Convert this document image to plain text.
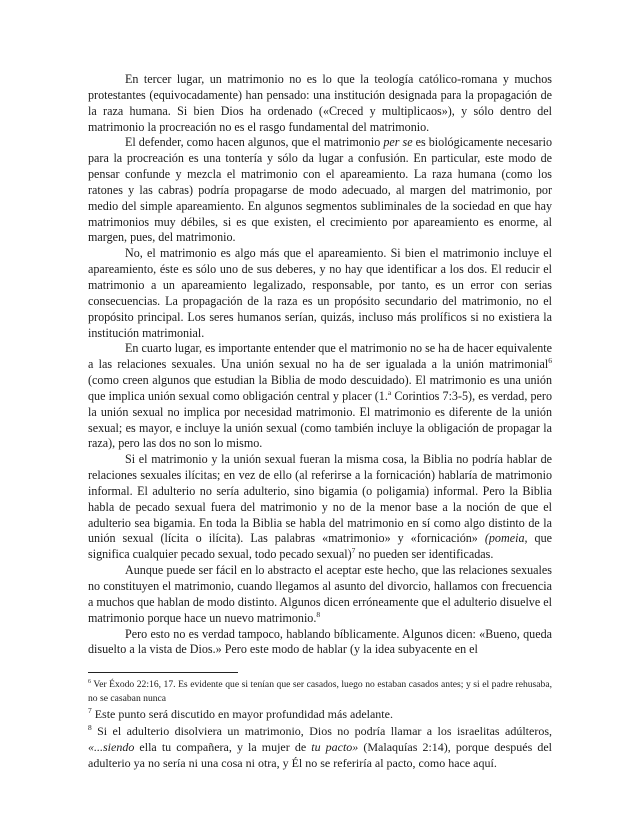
En tercer lugar, un matrimonio no es lo que la teología católico-romana y muchos protestantes (equivocadamente) han pensado: una institución designada para la propagación de la raza humana. Si bien Dios ha ordenado («Creced y multiplicaos»), y sólo dentro del matrimonio la procreación no es el rasgo fundamental del matrimonio.

El defender, como hacen algunos, que el matrimonio per se es biológicamente necesario para la procreación es una tontería y sólo da lugar a confusión. En particular, este modo de pensar confunde y mezcla el matrimonio con el apareamiento. La raza humana (como los ratones y las cabras) podría propagarse de modo adecuado, al margen del matrimonio, por medio del simple apareamiento. En algunos segmentos subliminales de la sociedad en que hay matrimonios muy débiles, si es que existen, el crecimiento por apareamiento es enorme, al margen, pues, del matrimonio.

No, el matrimonio es algo más que el apareamiento. Si bien el matrimonio incluye el apareamiento, éste es sólo uno de sus deberes, y no hay que identificar a los dos. El reducir el matrimonio a un apareamiento legalizado, responsable, por tanto, es un error con serias consecuencias. La propagación de la raza es un propósito secundario del matrimonio, no el propósito principal. Los seres humanos serían, quizás, incluso más prolíficos si no existiera la institución matrimonial.

En cuarto lugar, es importante entender que el matrimonio no se ha de hacer equivalente a las relaciones sexuales. Una unión sexual no ha de ser igualada a la unión matrimonial$^6$ (como creen algunos que estudian la Biblia de modo descuidado). El matrimonio es una unión que implica unión sexual como obligación central y placer (1.$^a$ Corintios 7:3-5), es verdad, pero la unión sexual no implica por necesidad matrimonio. El matrimonio es diferente de la unión sexual; es mayor, e incluye la unión sexual (como también incluye la obligación de propagar la raza), pero las dos no son lo mismo.

Si el matrimonio y la unión sexual fueran la misma cosa, la Biblia no podría hablar de relaciones sexuales ilícitas; en vez de ello (al referirse a la fornicación) hablaría de matrimonio informal. El adulterio no sería adulterio, sino bigamia (o poligamia) informal. Pero la Biblia habla de pecado sexual fuera del matrimonio y no de la menor base a la noción de que el adulterio sea bigamia. En toda la Biblia se habla del matrimonio en sí como algo distinto de la unión sexual (lícita o ilícita). Las palabras «matrimonio» y «fornicación» (pomeia, que significa cualquier pecado sexual, todo pecado sexual)$^7$ no pueden ser identificadas.

Aunque puede ser fácil en lo abstracto el aceptar este hecho, que las relaciones sexuales no constituyen el matrimonio, cuando llegamos al asunto del divorcio, hallamos con frecuencia a muchos que hablan de modo distinto. Algunos dicen erróneamente que el adulterio disuelve el matrimonio porque hace un nuevo matrimonio.$^8$

Pero esto no es verdad tampoco, hablando bíblicamente. Algunos dicen: «Bueno, queda disuelto a la vista de Dios.» Pero este modo de hablar (y la idea subyacente en el

$^6$ Ver Éxodo 22:16, 17. Es evidente que si tenían que ser casados, luego no estaban casados antes; y si el padre rehusaba, no se casaban nunca

$^7$ Este punto será discutido en mayor profundidad más adelante.

$^8$ Si el adulterio disolviera un matrimonio, Dios no podría llamar a los israelitas adúlteros, «...siendo ella tu compañera, y la mujer de tu pacto» (Malaquías 2:14), porque después del adulterio ya no sería ni una cosa ni otra, y Él no se referiría al pacto, como hace aquí.
